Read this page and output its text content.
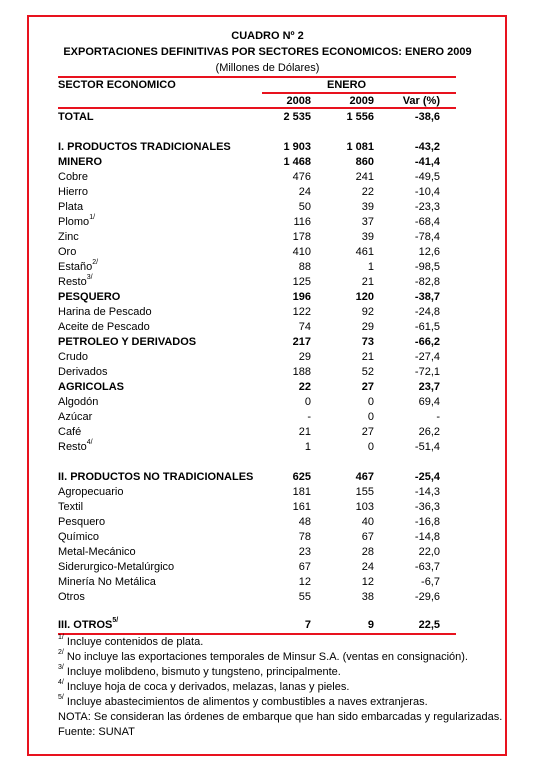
CUADRO Nº 2
EXPORTACIONES DEFINITIVAS POR SECTORES ECONOMICOS: ENERO 2009
(Millones de Dólares)
SECTOR ECONOMICO	ENERO
2008	2009	Var (%)
TOTAL	2 535	1 556	-38,6
I. PRODUCTOS TRADICIONALES	1 903	1 081	-43,2
MINERO	1 468	860	-41,4
Cobre	476	241	-49,5
Hierro	24	22	-10,4
Plata	50	39	-23,3
Plomo$^{1/}$	116	37	-68,4
Zinc	178	39	-78,4
Oro	410	461	12,6
Estaño$^{2/}$	88	1	-98,5
Resto$^{3/}$	125	21	-82,8
PESQUERO	196	120	-38,7
Harina de Pescado	122	92	-24,8
Aceite de Pescado	74	29	-61,5
PETROLEO Y DERIVADOS	217	73	-66,2
Crudo	29	21	-27,4
Derivados	188	52	-72,1
AGRICOLAS	22	27	23,7
Algodón	0	0	69,4
Azúcar	-	0	-
Café	21	27	26,2
Resto$^{4/}$	1	0	-51,4
II. PRODUCTOS NO TRADICIONALES	625	467	-25,4
Agropecuario	181	155	-14,3
Textil	161	103	-36,3
Pesquero	48	40	-16,8
Químico	78	67	-14,8
Metal-Mecánico	23	28	22,0
Siderurgico-Metalúrgico	67	24	-63,7
Minería No Metálica	12	12	-6,7
Otros	55	38	-29,6
III. $OTROS^{5/}$	7	9	22,5
$^{1/}$ Incluye contenidos de plata.
$^{2/}$ No incluye las exportaciones temporales de Minsur S.A. (ventas en consignación).
$^{3/}$ Incluye molibdeno, bismuto y tungsteno, principalmente.
$^{4/}$ Incluye hoja de coca y derivados, melazas, lanas y pieles.
$^{5/}$ Incluye abastecimientos de alimentos y combustibles a naves extranjeras.
NOTA: Se consideran las órdenes de embarque que han sido embarcadas y regularizadas.
Fuente: SUNAT
